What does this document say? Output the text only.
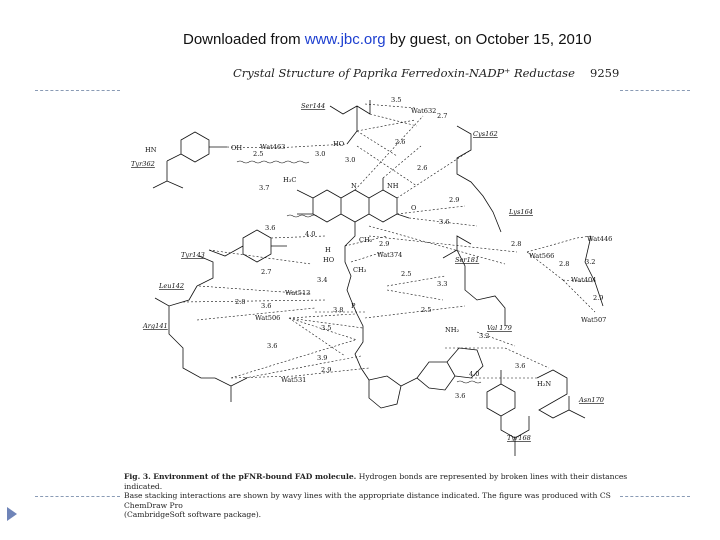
Downloaded from www.jbc.org by guest, on October 15, 2010
Crystal Structure of Paprika Ferredoxin-NADP⁺ Reductase 9259
Ser144
Wat632
Cys162
Wat463
Tyr362
Lys164
Wat446
Tyr143	Wat374	Wat566
Ser181
Leu142
Wat513
Wat404
Wat506
Val 179
Wat507
Arg141
Wat531
Asn170
Tyr168
HN	OH	HO
NH
H₃C
N
O
CH₂
CH₃
P
NH₂
H₂N
HO
H
3.5
2.7
2.6
2.5	3.0
3.0
2.6
2.9
3.7
3.6
4.0
2.9
3.6
2.8
2.8 3.2
2.7	2.5
3.3
2.9
3.4
2.8 3.6	3.8	2.5
3.5
3.6
3.2
3.9
2.9	3.6
4.0
3.6
Fig. 3. Environment of the pFNR-bound FAD molecule. Hydrogen bonds are represented by broken lines with their distances indicated.
Base stacking interactions are shown by wavy lines with the appropriate distance indicated. The figure was produced with CS ChemDraw Pro
(CambridgeSoft software package).
